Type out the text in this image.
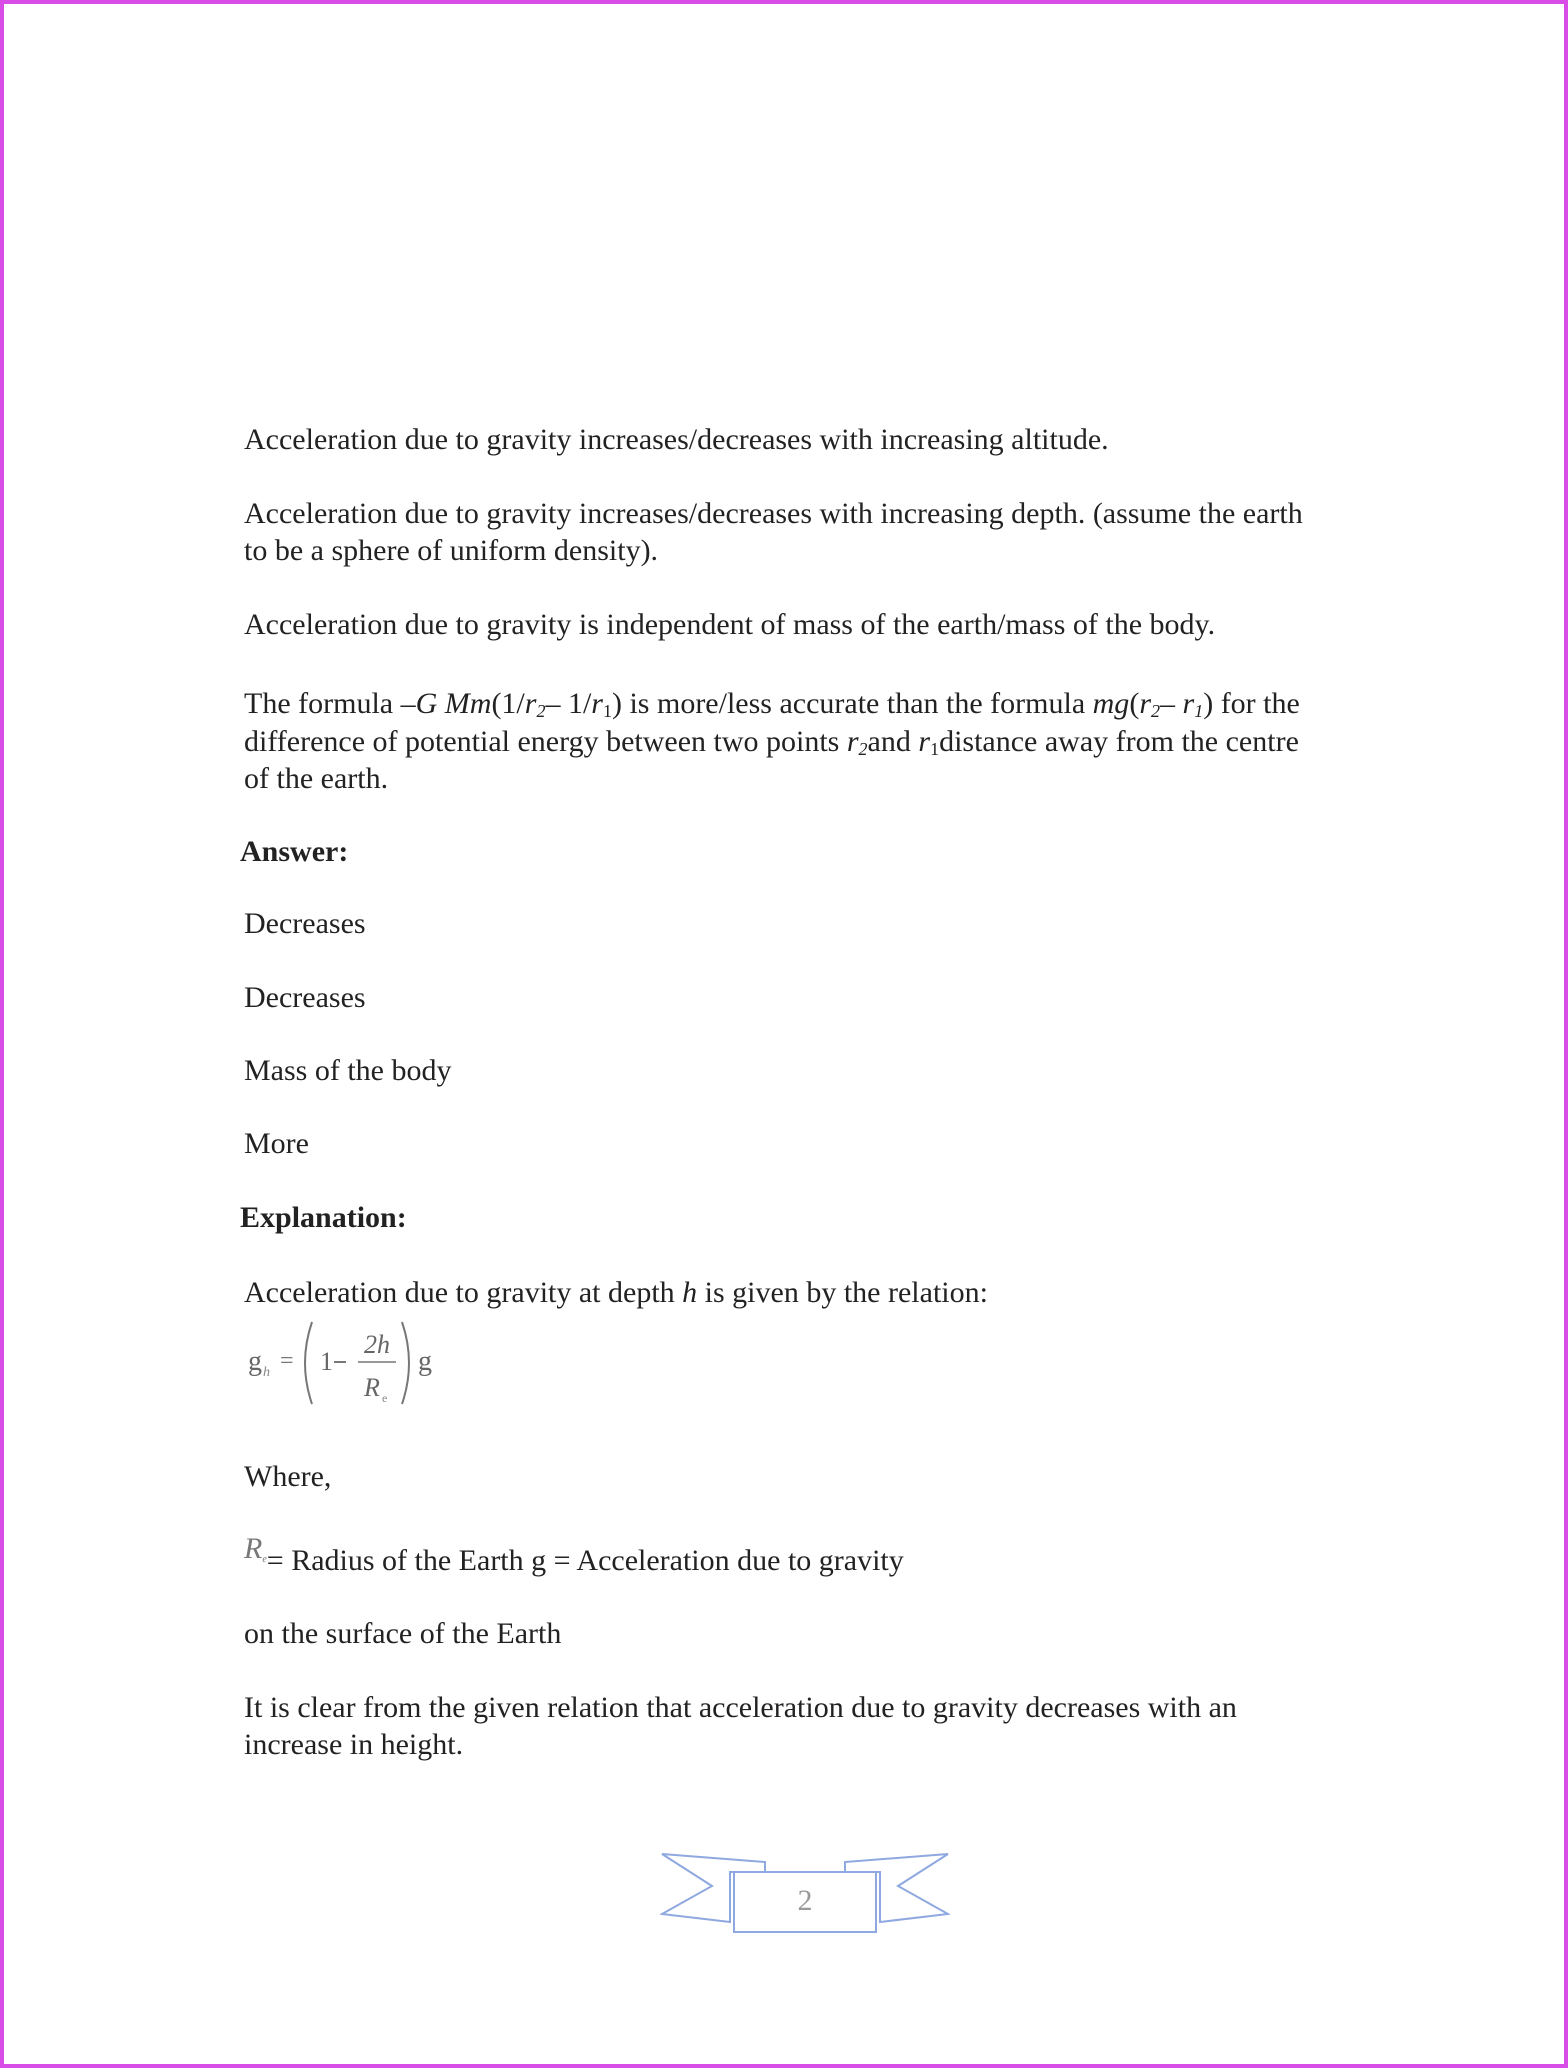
Acceleration due to gravity increases/decreases with increasing altitude.
Acceleration due to gravity increases/decreases with increasing depth. (assume the earth
to be a sphere of uniform density).
Acceleration due to gravity is independent of mass of the earth/mass of the body.
The formula –G $Mm(1/r_2-$ $1/r_1$) is more/less accurate than the formula $mg(r_2-$ $r_1$) for the
difference of potential energy between two points $r_2and$ $r_1distance$ away from the centre
of the earth.
Answer:
Decreases
Decreases
Mass of the body
More
Explanation:
Acceleration due to gravity at depth h is given by the relation:
g h = 1
2h
R e
g
Where,
$R_e=$ Radius of the Earth g = Acceleration due to gravity
on the surface of the Earth
It is clear from the given relation that acceleration due to gravity decreases with an
increase in height.
2
